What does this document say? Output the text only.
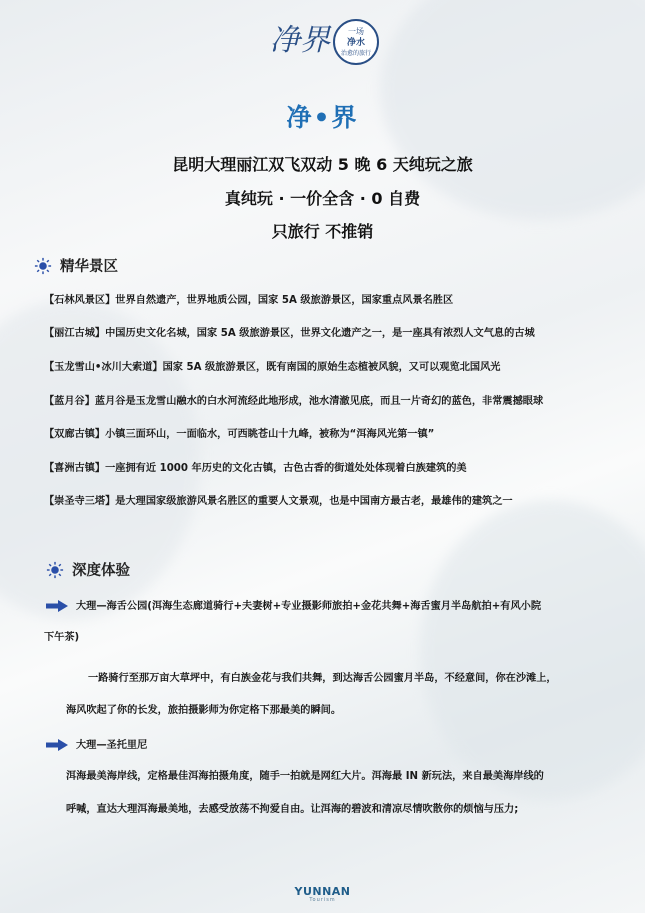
净界 一场
净水
治愈的旅行
净•界
昆明大理丽江双飞双动 5 晚 6 天纯玩之旅
真纯玩 · 一价全含 · 0 自费
只旅行 不推销
精华景区
【石林风景区】世界自然遗产，世界地质公园，国家 5A 级旅游景区，国家重点风景名胜区
【丽江古城】中国历史文化名城，国家 5A 级旅游景区，世界文化遗产之一，是一座具有浓烈人文气息的古城
【玉龙雪山•冰川大索道】国家 5A 级旅游景区，既有南国的原始生态植被风貌，又可以观览北国风光
【蓝月谷】蓝月谷是玉龙雪山融水的白水河流经此地形成，池水清澈见底，而且一片奇幻的蓝色，非常震撼眼球
【双廊古镇】小镇三面环山，一面临水，可西眺苍山十九峰，被称为“洱海风光第一镇”
【喜洲古镇】一座拥有近 1000 年历史的文化古镇，古色古香的街道处处体现着白族建筑的美
【崇圣寺三塔】是大理国家级旅游风景名胜区的重要人文景观，也是中国南方最古老，最雄伟的建筑之一
深度体验
大理—海舌公园(洱海生态廊道骑行+夫妻树+专业摄影师旅拍+金花共舞+海舌蜜月半岛航拍+有风小院
下午茶)
一路骑行至那万亩大草坪中，有白族金花与我们共舞，到达海舌公园蜜月半岛，不经意间，你在沙滩上，
海风吹起了你的长发，旅拍摄影师为你定格下那最美的瞬间。
大理—圣托里尼
洱海最美海岸线，定格最佳洱海拍摄角度，随手一拍就是网红大片。洱海最 IN 新玩法，来自最美海岸线的
呼喊，直达大理洱海最美地，去感受放荡不拘爱自由。让洱海的碧波和清凉尽情吹散你的烦恼与压力;
YUNNAN
Tourism
